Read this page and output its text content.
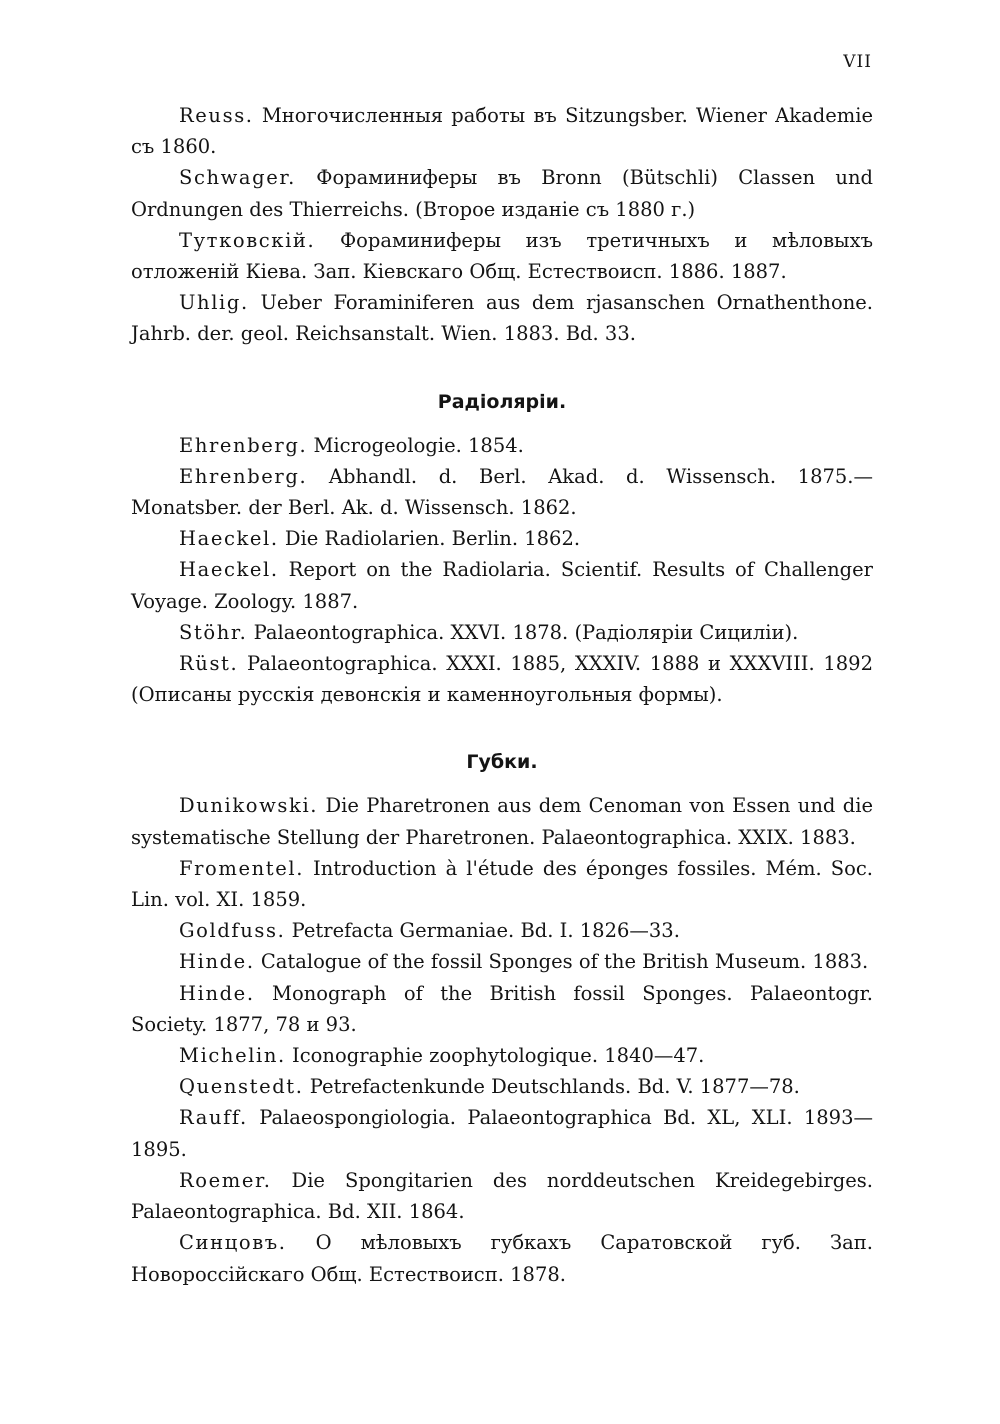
VII

Reuss. Многочисленныя работы въ Sitzungsber. Wiener Akademie съ 1860.

Schwager. Фораминиферы въ Bronn (Bütschli) Classen und Ordnungen des Thierreichs. (Второе изданіе съ 1880 г.)

Тутковскій. Фораминиферы изъ третичныхъ и мѣловыхъ отложеній Кіева. Зап. Кіевскаго Общ. Естествоисп. 1886. 1887.

Uhlig. Ueber Foraminiferen aus dem rjasanschen Ornathenthone. Jahrb. der. geol. Reichsanstalt. Wien. 1883. Bd. 33.

Радіоляріи.

Ehrenberg. Microgeologie. 1854.

Ehrenberg. Abhandl. d. Berl. Akad. d. Wissensch. 1875.—Monatsber. der Berl. Ak. d. Wissensch. 1862.

Haeckel. Die Radiolarien. Berlin. 1862.

Haeckel. Report on the Radiolaria. Scientif. Results of Challenger Voyage. Zoology. 1887.

Stöhr. Palaeontographica. XXVI. 1878. (Радіоляріи Сициліи).

Rüst. Palaeontographica. XXXI. 1885, XXXIV. 1888 и XXXVIII. 1892 (Описаны русскія девонскія и каменноугольныя формы).

Губки.

Dunikowski. Die Pharetronen aus dem Cenoman von Essen und die systematische Stellung der Pharetronen. Palaeontographica. XXIX. 1883.

Fromentel. Introduction à l'étude des éponges fossiles. Mém. Soc. Lin. vol. XI. 1859.

Goldfuss. Petrefacta Germaniae. Bd. I. 1826—33.

Hinde. Catalogue of the fossil Sponges of the British Museum. 1883.

Hinde. Monograph of the British fossil Sponges. Palaeontogr. Society. 1877, 78 и 93.

Michelin. Iconographie zoophytologique. 1840—47.

Quenstedt. Petrefactenkunde Deutschlands. Bd. V. 1877—78.

Rauff. Palaeospongiologia. Palaeontographica Bd. XL, XLI. 1893—1895.

Roemer. Die Spongitarien des norddeutschen Kreidegebirges. Palaeontographica. Bd. XII. 1864.

Синцовъ. О мѣловыхъ губкахъ Саратовской губ. Зап. Новороссійскаго Общ. Естествоисп. 1878.
